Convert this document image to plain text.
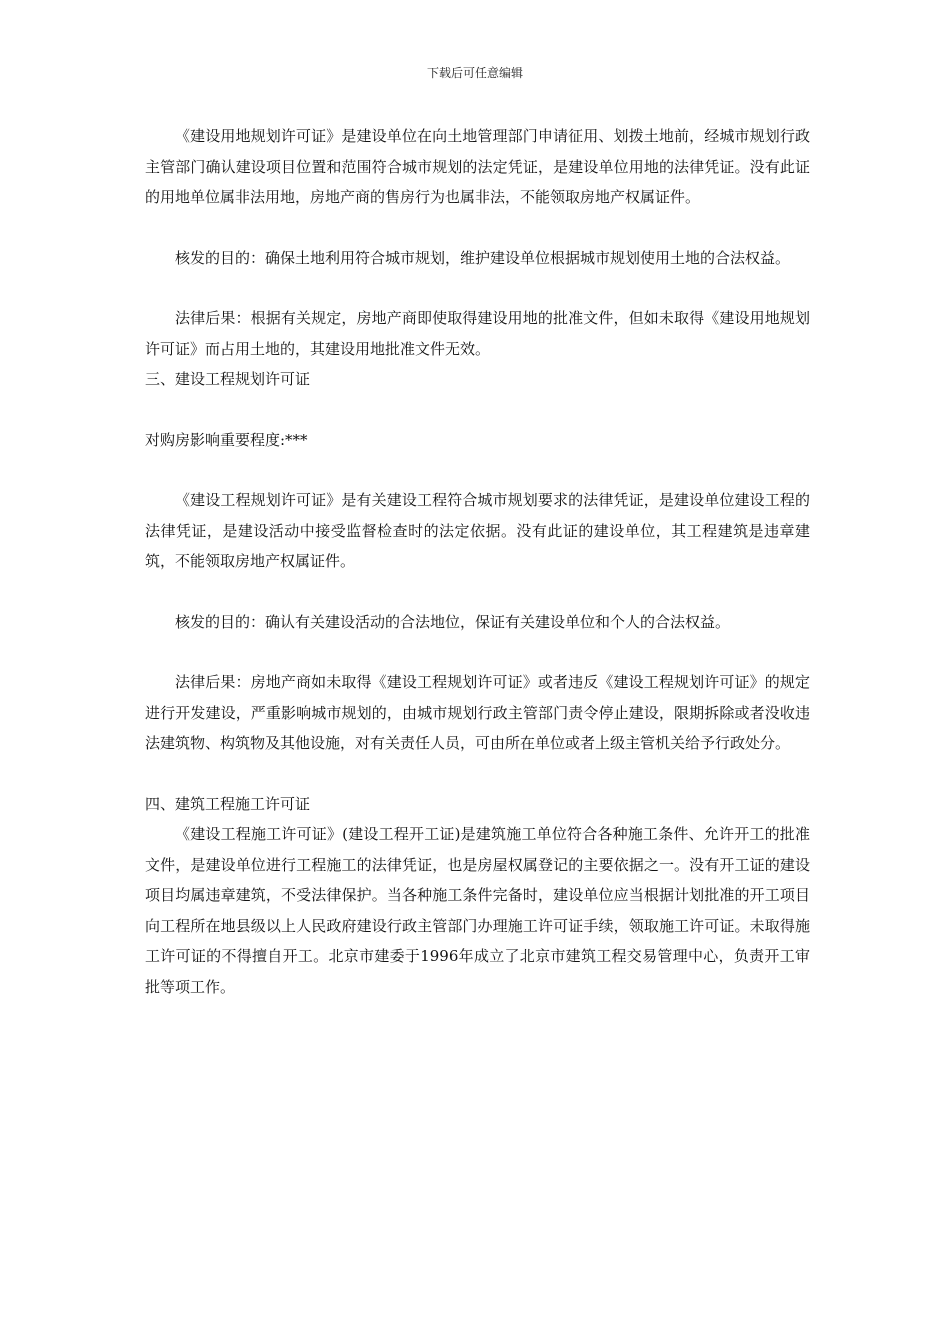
下载后可任意编辑

《建设用地规划许可证》是建设单位在向土地管理部门申请征用、划拨土地前，经城市规划行政主管部门确认建设项目位置和范围符合城市规划的法定凭证，是建设单位用地的法律凭证。没有此证的用地单位属非法用地，房地产商的售房行为也属非法，不能领取房地产权属证件。

核发的目的：确保土地利用符合城市规划，维护建设单位根据城市规划使用土地的合法权益。

法律后果：根据有关规定，房地产商即使取得建设用地的批准文件，但如未取得《建设用地规划许可证》而占用土地的，其建设用地批准文件无效。

三、建设工程规划许可证

对购房影响重要程度:***

《建设工程规划许可证》是有关建设工程符合城市规划要求的法律凭证，是建设单位建设工程的法律凭证，是建设活动中接受监督检查时的法定依据。没有此证的建设单位，其工程建筑是违章建筑，不能领取房地产权属证件。

核发的目的：确认有关建设活动的合法地位，保证有关建设单位和个人的合法权益。

法律后果：房地产商如未取得《建设工程规划许可证》或者违反《建设工程规划许可证》的规定进行开发建设，严重影响城市规划的，由城市规划行政主管部门责令停止建设，限期拆除或者没收违法建筑物、构筑物及其他设施，对有关责任人员，可由所在单位或者上级主管机关给予行政处分。

四、建筑工程施工许可证

《建设工程施工许可证》(建设工程开工证)是建筑施工单位符合各种施工条件、允许开工的批准文件，是建设单位进行工程施工的法律凭证，也是房屋权属登记的主要依据之一。没有开工证的建设项目均属违章建筑，不受法律保护。当各种施工条件完备时，建设单位应当根据计划批准的开工项目向工程所在地县级以上人民政府建设行政主管部门办理施工许可证手续，领取施工许可证。未取得施工许可证的不得擅自开工。北京市建委于1996年成立了北京市建筑工程交易管理中心，负责开工审批等项工作。
